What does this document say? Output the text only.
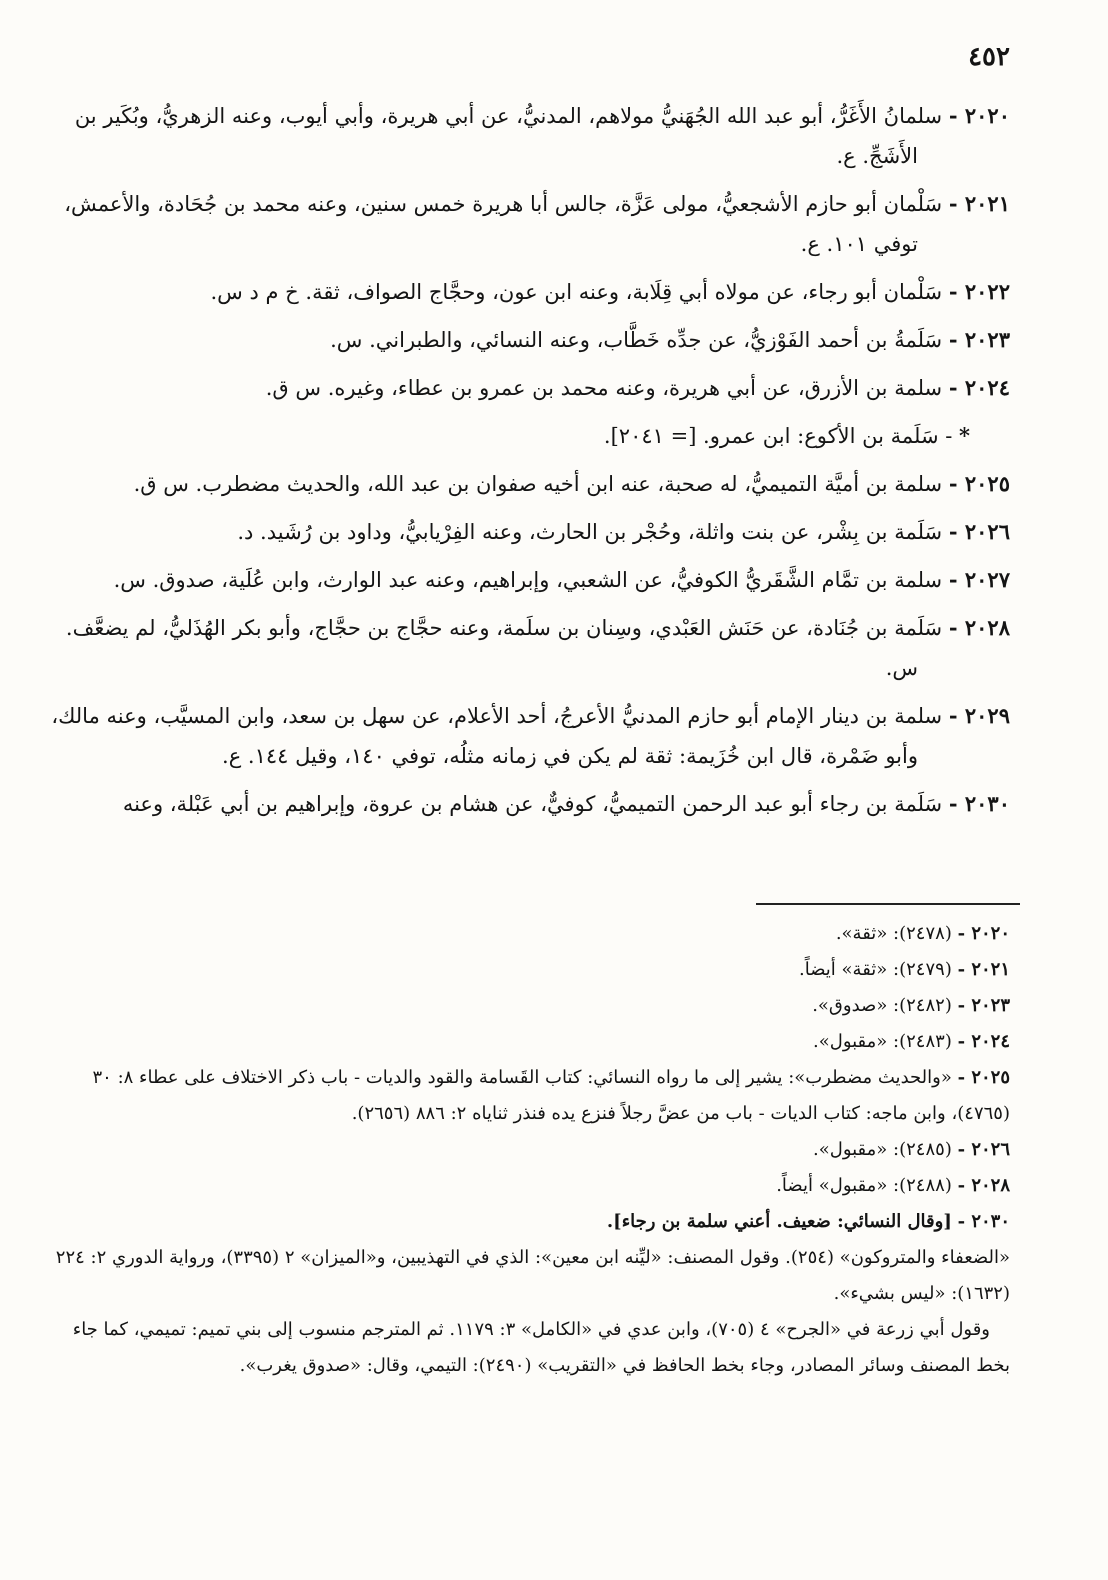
٤٥٢

٢٠٢٠ - سلمانُ الأَغَرُّ، أبو عبد الله الجُهَنيُّ مولاهم، المدنيُّ، عن أبي هريرة، وأبي أيوب، وعنه الزهريُّ، وبُكَير بن الأَشَجِّ. ع.

٢٠٢١ - سَلْمان أبو حازم الأشجعيُّ، مولى عَزَّة، جالس أبا هريرة خمس سنين، وعنه محمد بن جُحَادة، والأعمش، توفي ١٠١. ع.

٢٠٢٢ - سَلْمان أبو رجاء، عن مولاه أبي قِلَابة، وعنه ابن عون، وحجَّاج الصواف، ثقة. خ م د س.

٢٠٢٣ - سَلَمةُ بن أحمد الفَوْزيُّ، عن جدِّه خَطَّاب، وعنه النسائي، والطبراني. س.

٢٠٢٤ - سلمة بن الأزرق، عن أبي هريرة، وعنه محمد بن عمرو بن عطاء، وغيره. س ق.

* - سَلَمة بن الأكوع: ابن عمرو. [= ٢٠٤١].

٢٠٢٥ - سلمة بن أميَّة التميميُّ، له صحبة، عنه ابن أخيه صفوان بن عبد الله، والحديث مضطرب. س ق.

٢٠٢٦ - سَلَمة بن بِشْر، عن بنت واثلة، وحُجْر بن الحارث، وعنه الفِرْيابيُّ، وداود بن رُشَيد. د.

٢٠٢٧ - سلمة بن تمَّام الشَّقَريُّ الكوفيُّ، عن الشعبي، وإبراهيم، وعنه عبد الوارث، وابن عُلَية، صدوق. س.

٢٠٢٨ - سَلَمة بن جُنَادة، عن حَنَش العَبْدي، وسِنان بن سلَمة، وعنه حجَّاج بن حجَّاج، وأبو بكر الهُذَليُّ، لم يضعَّف. س.

٢٠٢٩ - سلمة بن دينار الإمام أبو حازم المدنيُّ الأعرجُ، أحد الأعلام، عن سهل بن سعد، وابن المسيَّب، وعنه مالك، وأبو ضَمْرة، قال ابن خُزَيمة: ثقة لم يكن في زمانه مثلُه، توفي ١٤٠، وقيل ١٤٤. ع.

٢٠٣٠ - سَلَمة بن رجاء أبو عبد الرحمن التميميُّ، كوفيٌّ، عن هشام بن عروة، وإبراهيم بن أبي عَبْلة، وعنه

٢٠٢٠ - (٢٤٧٨): «ثقة».

٢٠٢١ - (٢٤٧٩): «ثقة» أيضاً.

٢٠٢٣ - (٢٤٨٢): «صدوق».

٢٠٢٤ - (٢٤٨٣): «مقبول».

٢٠٢٥ - «والحديث مضطرب»: يشير إلى ما رواه النسائي: كتاب القَسامة والقود والديات - باب ذكر الاختلاف على عطاء ٨: ٣٠ (٤٧٦٥)، وابن ماجه: كتاب الديات - باب من عضَّ رجلاً فنزع يده فنذر ثناياه ٢: ٨٨٦ (٢٦٥٦).

٢٠٢٦ - (٢٤٨٥): «مقبول».

٢٠٢٨ - (٢٤٨٨): «مقبول» أيضاً.

٢٠٣٠ - [وقال النسائي: ضعيف. أعني سلمة بن رجاء].

«الضعفاء والمتروكون» (٢٥٤). وقول المصنف: «ليِّنه ابن معين»: الذي في التهذيبين، و«الميزان» ٢ (٣٣٩٥)، ورواية الدوري ٢: ٢٢٤ (١٦٣٢): «ليس بشيء».

وقول أبي زرعة في «الجرح» ٤ (٧٠٥)، وابن عدي في «الكامل» ٣: ١١٧٩. ثم المترجم منسوب إلى بني تميم: تميمي، كما جاء بخط المصنف وسائر المصادر، وجاء بخط الحافظ في «التقريب» (٢٤٩٠): التيمي، وقال: «صدوق يغرب».
